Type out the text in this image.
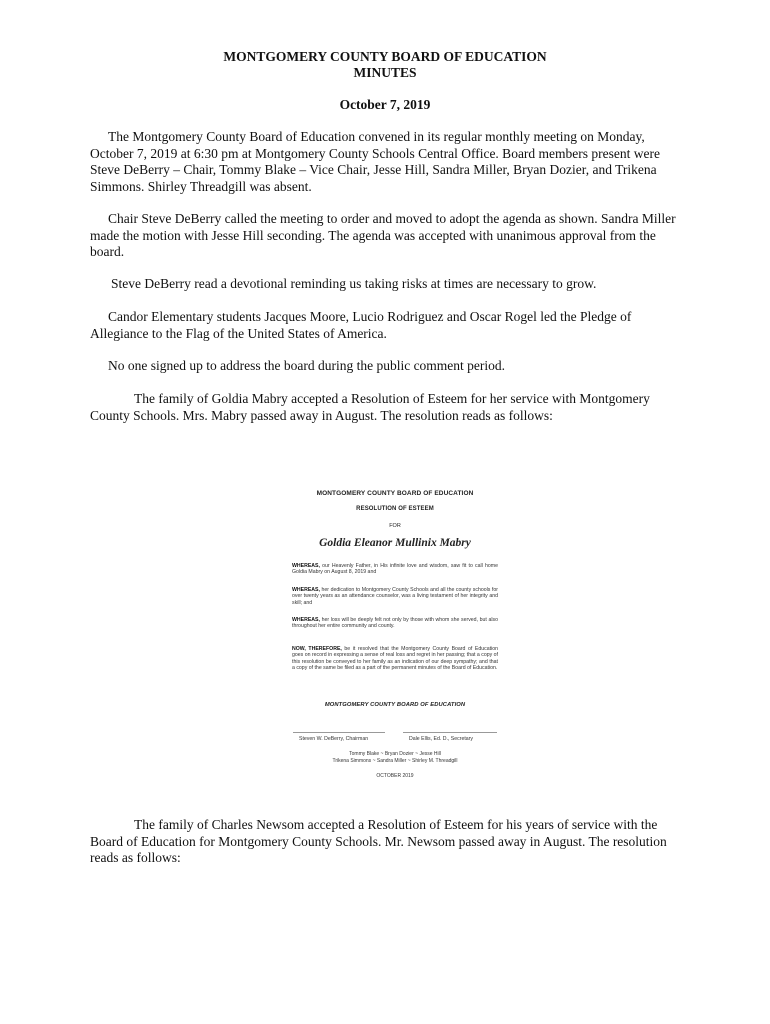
MONTGOMERY COUNTY BOARD OF EDUCATION
MINUTES
October 7, 2019
The Montgomery County Board of Education convened in its regular monthly meeting on Monday, October 7, 2019 at 6:30 pm at Montgomery County Schools Central Office. Board members present were Steve DeBerry – Chair, Tommy Blake – Vice Chair, Jesse Hill, Sandra Miller, Bryan Dozier, and Trikena Simmons. Shirley Threadgill was absent.
Chair Steve DeBerry called the meeting to order and moved to adopt the agenda as shown. Sandra Miller made the motion with Jesse Hill seconding. The agenda was accepted with unanimous approval from the board.
Steve DeBerry read a devotional reminding us taking risks at times are necessary to grow.
Candor Elementary students Jacques Moore, Lucio Rodriguez and Oscar Rogel led the Pledge of Allegiance to the Flag of the United States of America.
No one signed up to address the board during the public comment period.
The family of Goldia Mabry accepted a Resolution of Esteem for her service with Montgomery County Schools. Mrs. Mabry passed away in August. The resolution reads as follows:
MONTGOMERY COUNTY BOARD OF EDUCATION
RESOLUTION OF ESTEEM
FOR
Goldia Eleanor Mullinix Mabry
WHEREAS, our Heavenly Father, in His infinite love and wisdom, saw fit to call home Goldia Mabry on August 8, 2019 and
WHEREAS, her dedication to Montgomery County Schools and all the county schools for over twenty years as an attendance counselor, was a living testament of her integrity and skill; and
WHEREAS, her loss will be deeply felt not only by those with whom she served, but also throughout her entire community and county.
NOW, THEREFORE, be it resolved that the Montgomery County Board of Education goes on record in expressing a sense of real loss and regret in her passing; that a copy of this resolution be conveyed to her family as an indication of our deep sympathy; and that a copy of the same be filed as a part of the permanent minutes of the Board of Education.
MONTGOMERY COUNTY BOARD OF EDUCATION
Steven W. DeBerry, Chairman	Dale Ellis, Ed. D., Secretary
Tommy Blake ~ Bryan Dozier ~ Jesse Hill
Trikena Simmons ~ Sandra Miller ~ Shirley M. Threadgill
OCTOBER 2019
The family of Charles Newsom accepted a Resolution of Esteem for his years of service with the Board of Education for Montgomery County Schools. Mr. Newsom passed away in August. The resolution reads as follows:
